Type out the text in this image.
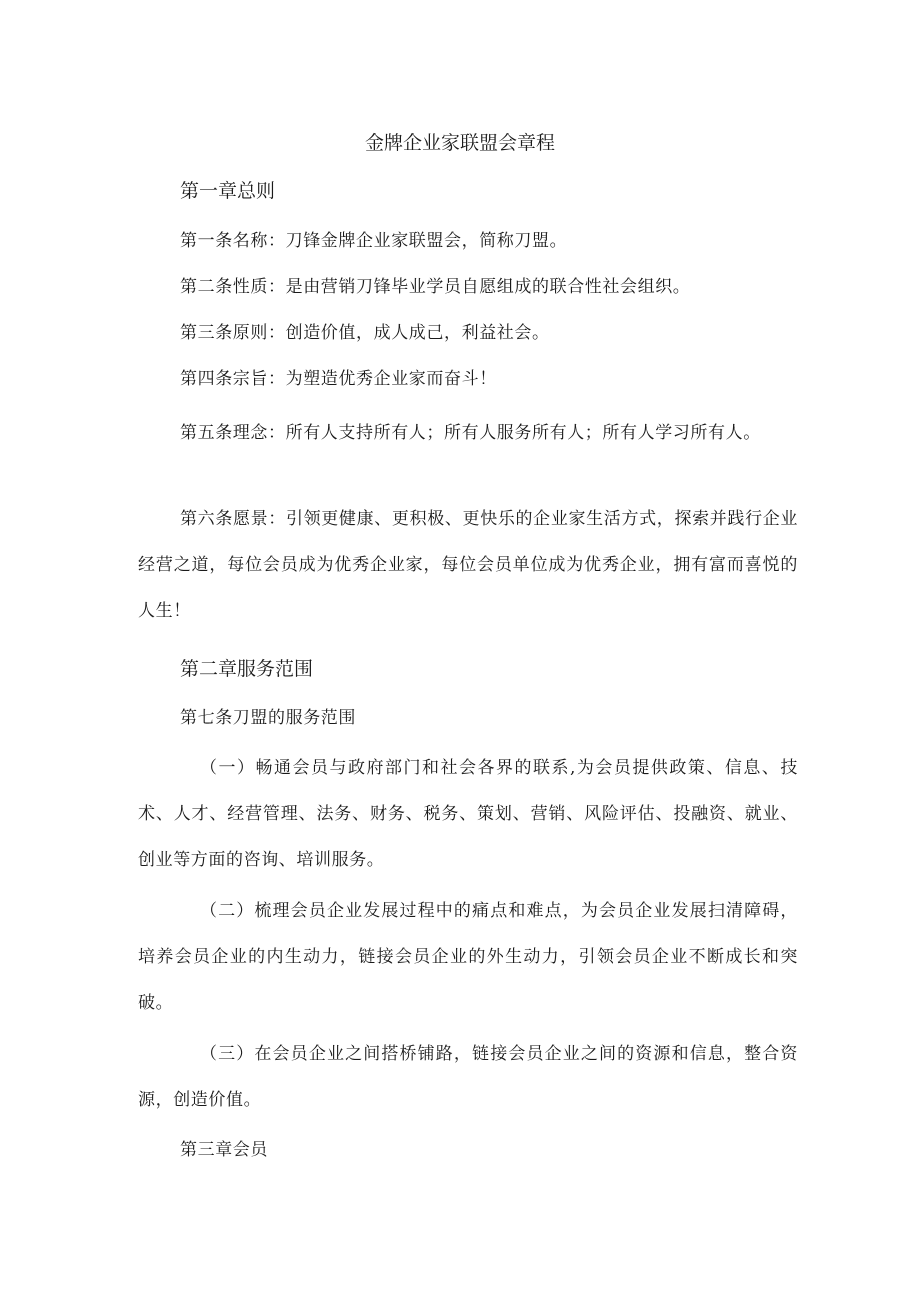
金牌企业家联盟会章程
第一章总则

第一条名称：刀锋金牌企业家联盟会，简称刀盟。

第二条性质：是由营销刀锋毕业学员自愿组成的联合性社会组织。

第三条原则：创造价值，成人成己，利益社会。

第四条宗旨：为塑造优秀企业家而奋斗！

第五条理念：所有人支持所有人；所有人服务所有人；所有人学习所有人。

第六条愿景：引领更健康、更积极、更快乐的企业家生活方式，探索并践行企业经营之道，每位会员成为优秀企业家，每位会员单位成为优秀企业，拥有富而喜悦的人生！

第二章服务范围

第七条刀盟的服务范围

（一）畅通会员与政府部门和社会各界的联系,为会员提供政策、信息、技术、人才、经营管理、法务、财务、税务、策划、营销、风险评估、投融资、就业、创业等方面的咨询、培训服务。

（二）梳理会员企业发展过程中的痛点和难点，为会员企业发展扫清障碍，培养会员企业的内生动力，链接会员企业的外生动力，引领会员企业不断成长和突破。

（三）在会员企业之间搭桥铺路，链接会员企业之间的资源和信息，整合资源，创造价值。

第三章会员
